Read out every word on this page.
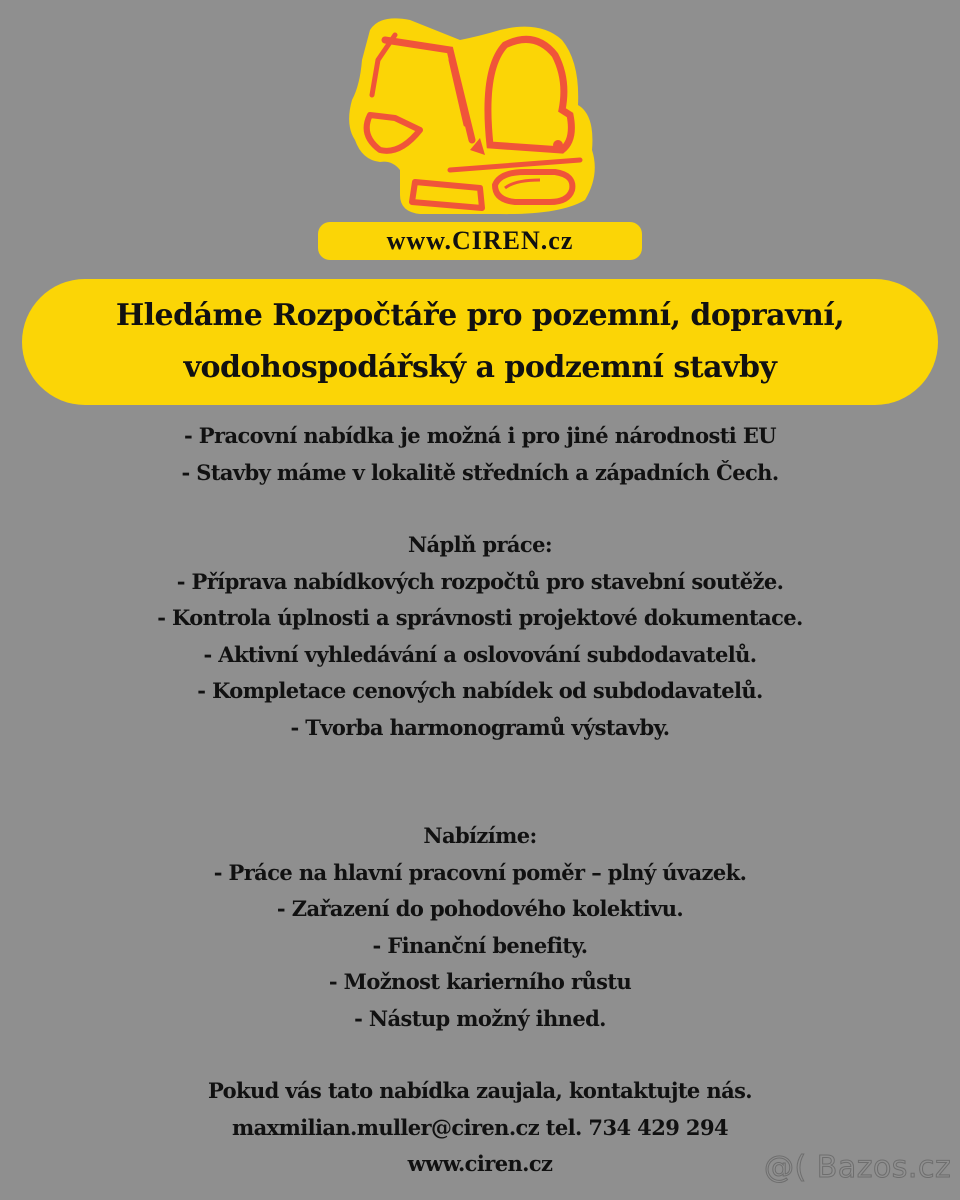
www.CIREN.cz
Hledáme Rozpočtáře pro pozemní, dopravní,
vodohospodářský a podzemní stavby
- Pracovní nabídka je možná i pro jiné národnosti EU
- Stavby máme v lokalitě středních a západních Čech.
Náplň práce:
- Příprava nabídkových rozpočtů pro stavební soutěže.
- Kontrola úplnosti a správnosti projektové dokumentace.
- Aktivní vyhledávání a oslovování subdodavatelů.
- Kompletace cenových nabídek od subdodavatelů.
- Tvorba harmonogramů výstavby.
Nabízíme:
- Práce na hlavní pracovní poměr – plný úvazek.
- Zařazení do pohodového kolektivu.
- Finanční benefity.
- Možnost karierního růstu
- Nástup možný ihned.
Pokud vás tato nabídka zaujala, kontaktujte nás.
maxmilian.muller@ciren.cz tel. 734 429 294
www.ciren.cz	@( Bazos.cz
